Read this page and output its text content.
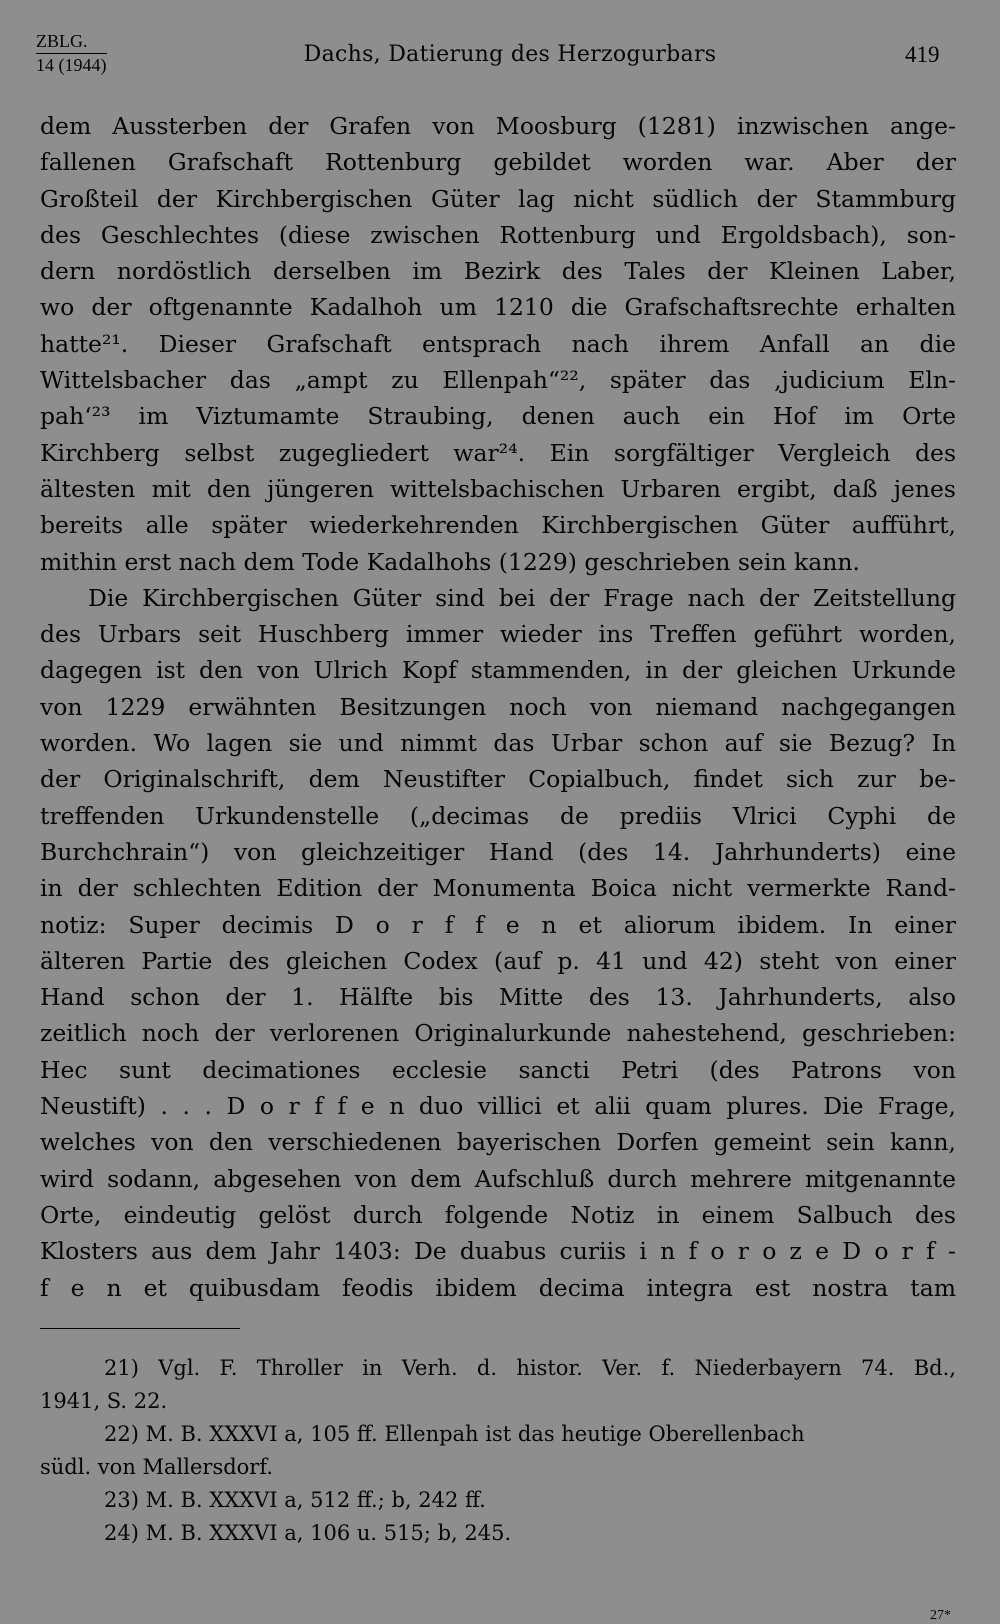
ZBLG.
14 (1944)	Dachs, Datierung des Herzogurbars	419
dem Aussterben der Grafen von Moosburg (1281) inzwischen ange-
fallenen Grafschaft Rottenburg gebildet worden war. Aber der
Großteil der Kirchbergischen Güter lag nicht südlich der Stammburg
des Geschlechtes (diese zwischen Rottenburg und Ergoldsbach), son-
dern nordöstlich derselben im Bezirk des Tales der Kleinen Laber,
wo der oftgenannte Kadalhoh um 1210 die Grafschaftsrechte erhalten
hatte²¹. Dieser Grafschaft entsprach nach ihrem Anfall an die
Wittelsbacher das „ampt zu Ellenpah“²², später das ‚judicium Eln-
pah‘²³ im Viztumamte Straubing, denen auch ein Hof im Orte
Kirchberg selbst zugegliedert war²⁴. Ein sorgfältiger Vergleich des
ältesten mit den jüngeren wittelsbachischen Urbaren ergibt, daß jenes
bereits alle später wiederkehrenden Kirchbergischen Güter aufführt,
mithin erst nach dem Tode Kadalhohs (1229) geschrieben sein kann.
Die Kirchbergischen Güter sind bei der Frage nach der Zeitstellung
des Urbars seit Huschberg immer wieder ins Treffen geführt worden,
dagegen ist den von Ulrich Kopf stammenden, in der gleichen Urkunde
von 1229 erwähnten Besitzungen noch von niemand nachgegangen
worden. Wo lagen sie und nimmt das Urbar schon auf sie Bezug? In
der Originalschrift, dem Neustifter Copialbuch, findet sich zur be-
treffenden Urkundenstelle („decimas de prediis Vlrici Cyphi de
Burchchrain“) von gleichzeitiger Hand (des 14. Jahrhunderts) eine
in der schlechten Edition der Monumenta Boica nicht vermerkte Rand-
notiz: Super decimis D o r f f e n et aliorum ibidem. In einer
älteren Partie des gleichen Codex (auf p. 41 und 42) steht von einer
Hand schon der 1. Hälfte bis Mitte des 13. Jahrhunderts, also
zeitlich noch der verlorenen Originalurkunde nahestehend, geschrieben:
Hec sunt decimationes ecclesie sancti Petri (des Patrons von
Neustift) . . . D o r f f e n duo villici et alii quam plures. Die Frage,
welches von den verschiedenen bayerischen Dorfen gemeint sein kann,
wird sodann, abgesehen von dem Aufschluß durch mehrere mitgenannte
Orte, eindeutig gelöst durch folgende Notiz in einem Salbuch des
Klosters aus dem Jahr 1403: De duabus curiis i n f o r o z e D o r f -
f e n et quibusdam feodis ibidem decima integra est nostra tam
21) Vgl. F. Throller in Verh. d. histor. Ver. f. Niederbayern 74. Bd.,
1941, S. 22.
22) M. B. XXXVI a, 105 ff. Ellenpah ist das heutige Oberellenbach
südl. von Mallersdorf.
23) M. B. XXXVI a, 512 ff.; b, 242 ff.
24) M. B. XXXVI a, 106 u. 515; b, 245.
27*
